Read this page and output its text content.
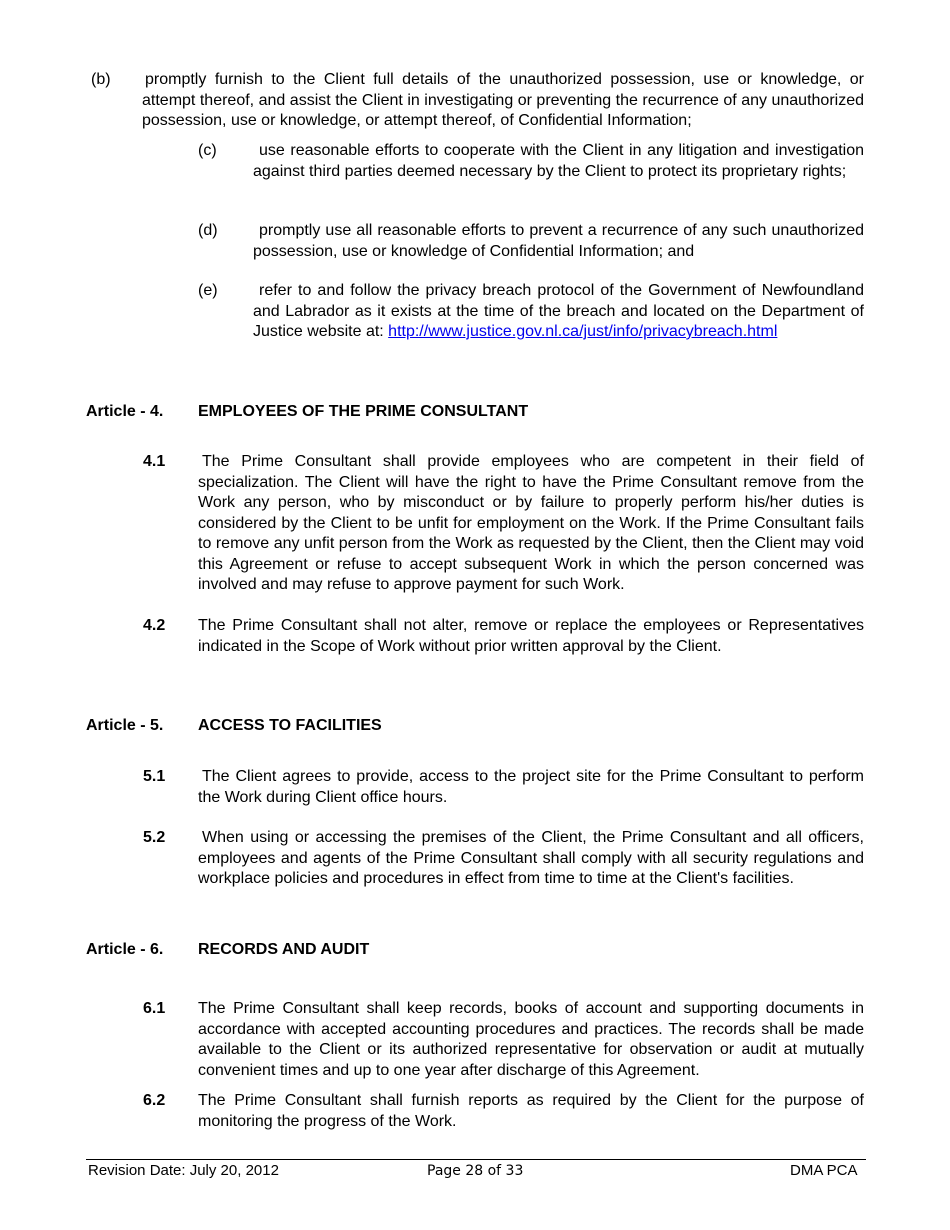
(b) promptly furnish to the Client full details of the unauthorized possession, use or knowledge, or attempt thereof, and assist the Client in investigating or preventing the recurrence of any unauthorized possession, use or knowledge, or attempt thereof, of Confidential Information;
(c)	use reasonable efforts to cooperate with the Client in any litigation and investigation against third parties deemed necessary by the Client to protect its proprietary rights;
(d)	promptly use all reasonable efforts to prevent a recurrence of any such unauthorized possession, use or knowledge of Confidential Information; and
(e)	refer to and follow the privacy breach protocol of the Government of Newfoundland and Labrador as it exists at the time of the breach and located on the Department of Justice website at: http://www.justice.gov.nl.ca/just/info/privacybreach.html
Article - 4. EMPLOYEES OF THE PRIME CONSULTANT
4.1 The Prime Consultant shall provide employees who are competent in their field of specialization. The Client will have the right to have the Prime Consultant remove from the Work any person, who by misconduct or by failure to properly perform his/her duties is considered by the Client to be unfit for employment on the Work. If the Prime Consultant fails to remove any unfit person from the Work as requested by the Client, then the Client may void this Agreement or refuse to accept subsequent Work in which the person concerned was involved and may refuse to approve payment for such Work.
4.2 The Prime Consultant shall not alter, remove or replace the employees or Representatives indicated in the Scope of Work without prior written approval by the Client.
Article - 5. ACCESS TO FACILITIES
5.1 The Client agrees to provide, access to the project site for the Prime Consultant to perform the Work during Client office hours.
5.2 When using or accessing the premises of the Client, the Prime Consultant and all officers, employees and agents of the Prime Consultant shall comply with all security regulations and workplace policies and procedures in effect from time to time at the Client's facilities.
Article - 6. RECORDS AND AUDIT
6.1 The Prime Consultant shall keep records, books of account and supporting documents in accordance with accepted accounting procedures and practices. The records shall be made available to the Client or its authorized representative for observation or audit at mutually convenient times and up to one year after discharge of this Agreement.
6.2 The Prime Consultant shall furnish reports as required by the Client for the purpose of monitoring the progress of the Work.
Revision Date: July 20, 2012	Page 28 of 33	DMA PCA
